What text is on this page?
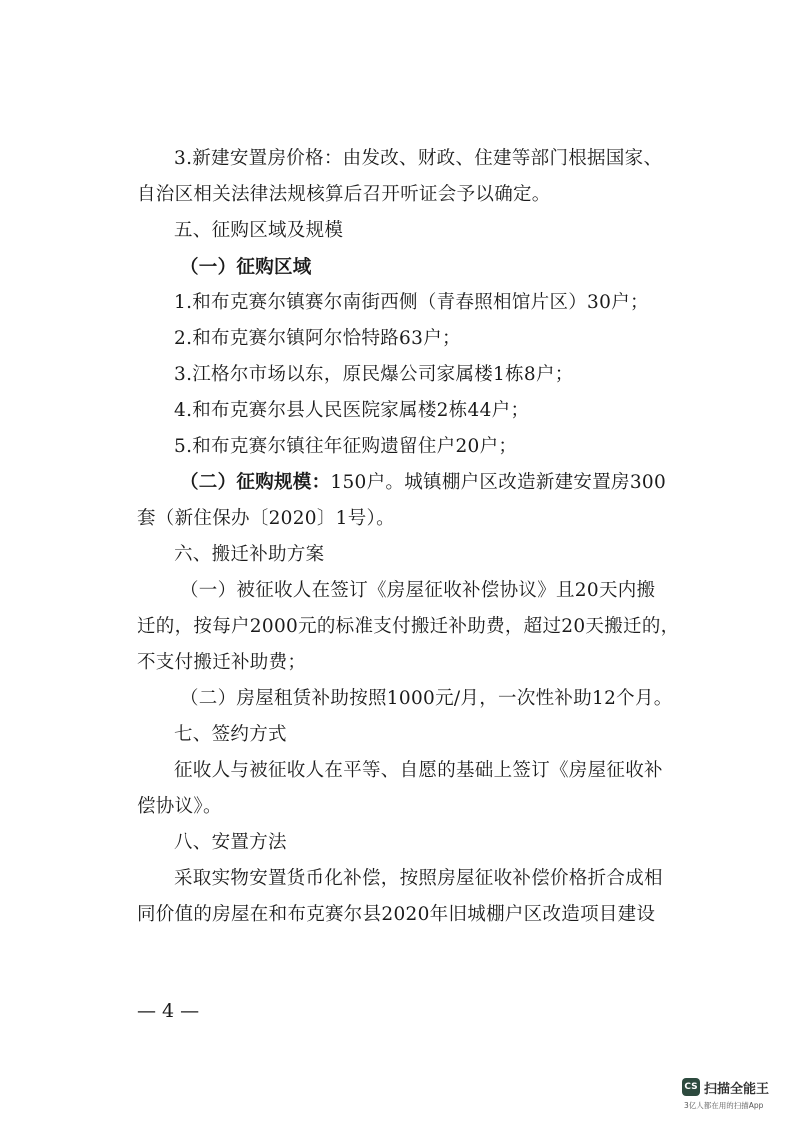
3.新建安置房价格：由发改、财政、住建等部门根据国家、
自治区相关法律法规核算后召开听证会予以确定。
五、征购区域及规模
（一）征购区域
1.和布克赛尔镇赛尔南街西侧（青春照相馆片区）30户；
2.和布克赛尔镇阿尔恰特路63户；
3.江格尔市场以东，原民爆公司家属楼1栋8户；
4.和布克赛尔县人民医院家属楼2栋44户；
5.和布克赛尔镇往年征购遗留住户20户；
（二）征购规模：150户。城镇棚户区改造新建安置房300
套（新住保办〔2020〕1号）。
六、搬迁补助方案
（一）被征收人在签订《房屋征收补偿协议》且20天内搬
迁的，按每户2000元的标准支付搬迁补助费，超过20天搬迁的，
不支付搬迁补助费；
（二）房屋租赁补助按照1000元/月，一次性补助12个月。
七、签约方式
征收人与被征收人在平等、自愿的基础上签订《房屋征收补
偿协议》。
八、安置方法
采取实物安置货币化补偿，按照房屋征收补偿价格折合成相
同价值的房屋在和布克赛尔县2020年旧城棚户区改造项目建设
— 4 —
CS 扫描全能王
3亿人都在用的扫描App
